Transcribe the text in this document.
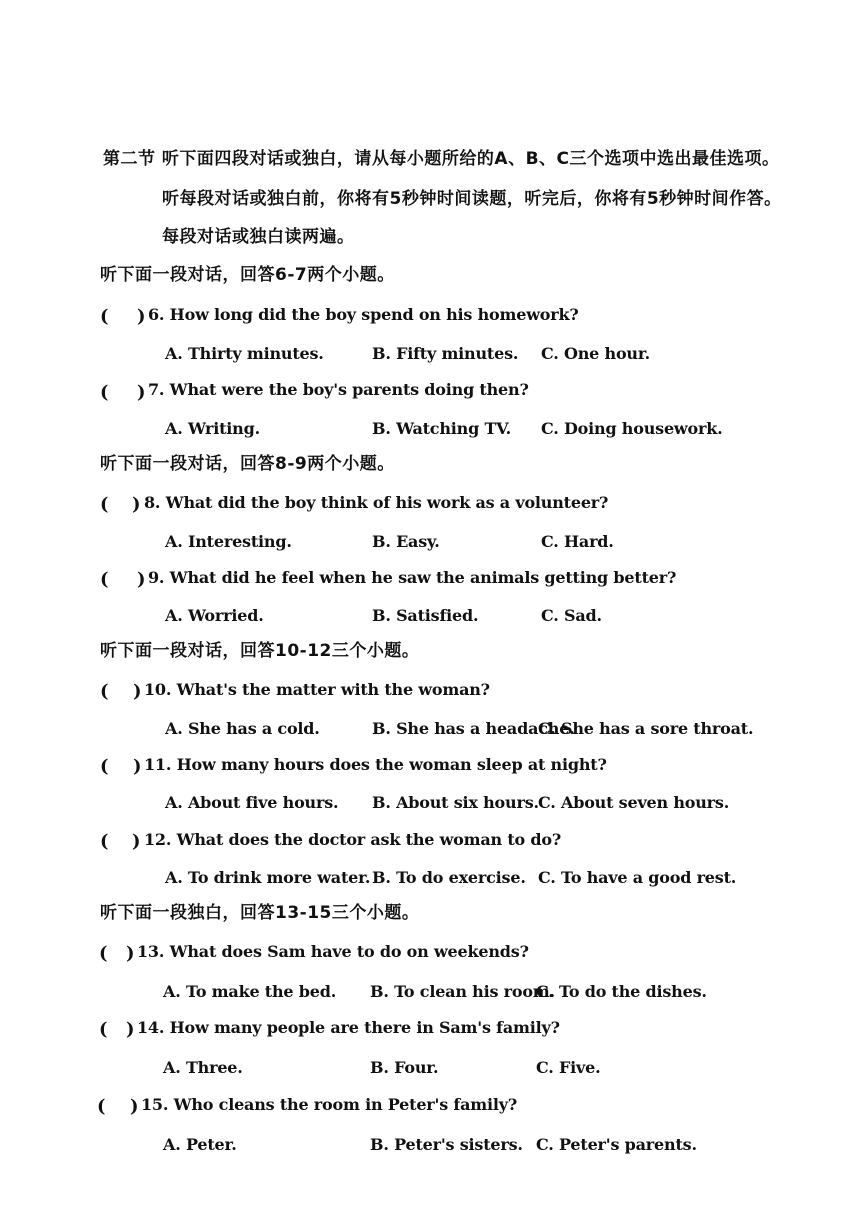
第二节 听下面四段对话或独白，请从每小题所给的A、B、C三个选项中选出最佳选项。
听每段对话或独白前，你将有5秒钟时间读题，听完后，你将有5秒钟时间作答。
每段对话或独白读两遍。
听下面一段对话，回答6-7两个小题。
( ) 6. How long did the boy spend on his homework?
A. Thirty minutes.	B. Fifty minutes. C. One hour.
( ) 7. What were the boy's parents doing then?
A. Writing.	B. Watching TV. C. Doing housework.
听下面一段对话，回答8-9两个小题。
( ) 8. What did the boy think of his work as a volunteer?
A. Interesting.	B. Easy.	C. Hard.
( ) 9. What did he feel when he saw the animals getting better?
A. Worried.	B. Satisfied.	C. Sad.
听下面一段对话，回答10-12三个小题。
( ) 10. What's the matter with the woman?
A. She has a cold.	B. She has a headache.
C. She has a sore throat.
( ) 11. How many hours does the woman sleep at night?
A. About five hours. B. About six hours. C. About seven hours.
( ) 12. What does the doctor ask the woman to do?
A. To drink more water. B. To do exercise. C. To have a good rest.
听下面一段独白，回答13-15三个小题。
( ) 13. What does Sam have to do on weekends?
A. To make the bed. B. To clean his room.
C. To do the dishes.
( ) 14. How many people are there in Sam's family?
A. Three.	B. Four.	C. Five.
( ) 15. Who cleans the room in Peter's family?
A. Peter.	B. Peter's sisters. C. Peter's parents.
